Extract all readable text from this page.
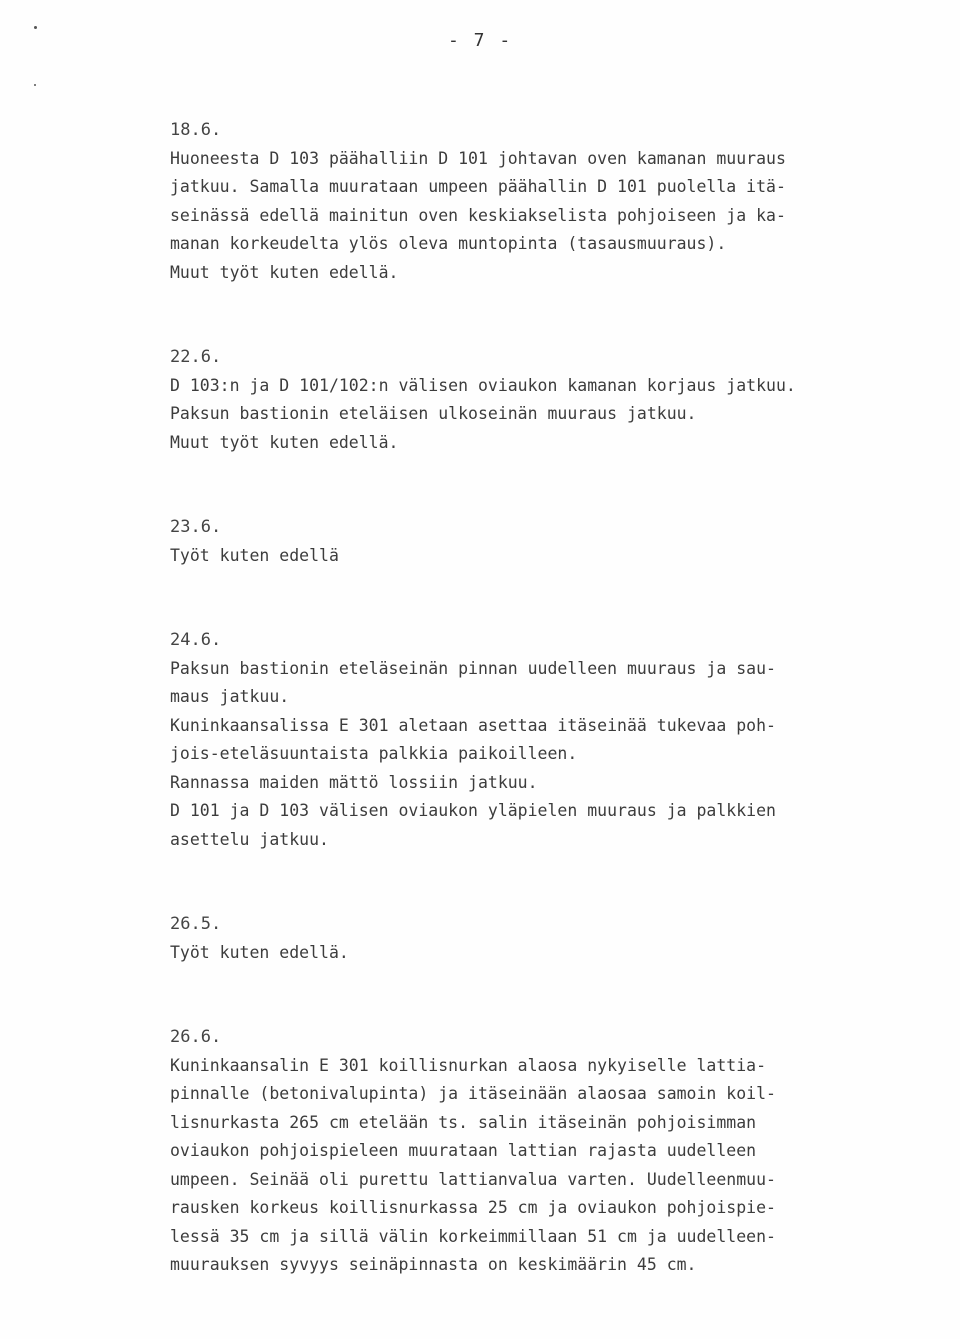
- 7 -
18.6.
Huoneesta D 103 päähalliin D 101 johtavan oven kamanan muuraus
jatkuu. Samalla muurataan umpeen päähallin D 101 puolella itä-
seinässä edellä mainitun oven keskiakselista pohjoiseen ja ka-
manan korkeudelta ylös oleva muntopinta (tasausmuuraus).
Muut työt kuten edellä.
22.6.
D 103:n ja D 101/102:n välisen oviaukon kamanan korjaus jatkuu.
Paksun bastionin eteläisen ulkoseinän muuraus jatkuu.
Muut työt kuten edellä.
23.6.
Työt kuten edellä
24.6.
Paksun bastionin eteläseinän pinnan uudelleen muuraus ja sau-
maus jatkuu.
Kuninkaansalissa E 301 aletaan asettaa itäseinää tukevaa poh-
jois-eteläsuuntaista palkkia paikoilleen.
Rannassa maiden mättö lossiin jatkuu.
D 101 ja D 103 välisen oviaukon yläpielen muuraus ja palkkien
asettelu jatkuu.
26.5.
Työt kuten edellä.
26.6.
Kuninkaansalin E 301 koillisnurkan alaosa nykyiselle lattia-
pinnalle (betonivalupinta) ja itäseinään alaosaa samoin koil-
lisnurkasta 265 cm etelään ts. salin itäseinän pohjoisimman
oviaukon pohjoispieleen muurataan lattian rajasta uudelleen
umpeen. Seinää oli purettu lattianvalua varten. Uudelleenmuu-
rausken korkeus koillisnurkassa 25 cm ja oviaukon pohjoispie-
lessä 35 cm ja sillä välin korkeimmillaan 51 cm ja uudelleen-
muurauksen syvyys seinäpinnasta on keskimäärin 45 cm.
